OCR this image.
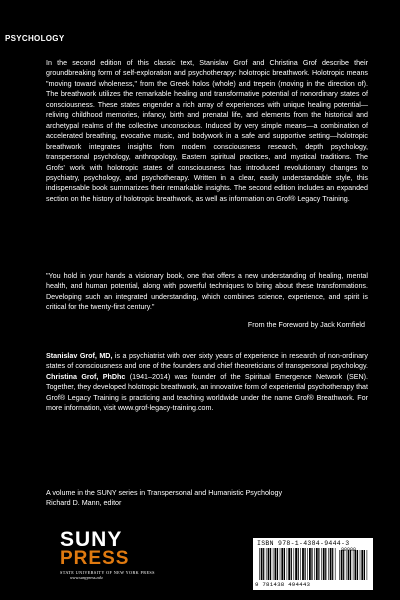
PSYCHOLOGY
In the second edition of this classic text, Stanislav Grof and Christina Grof describe their groundbreaking form of self-exploration and psychotherapy: holotropic breathwork. Holotropic means "moving toward wholeness," from the Greek holos (whole) and trepein (moving in the direction of). The breathwork utilizes the remarkable healing and transformative potential of nonordinary states of consciousness. These states engender a rich array of experiences with unique healing potential—reliving childhood memories, infancy, birth and prenatal life, and elements from the historical and archetypal realms of the collective unconscious. Induced by very simple means—a combination of accelerated breathing, evocative music, and bodywork in a safe and supportive setting—holotropic breathwork integrates insights from modern consciousness research, depth psychology, transpersonal psychology, anthropology, Eastern spiritual practices, and mystical traditions. The Grofs' work with holotropic states of consciousness has introduced revolutionary changes to psychiatry, psychology, and psychotherapy. Written in a clear, easily understandable style, this indispensable book summarizes their remarkable insights. The second edition includes an expanded section on the history of holotropic breathwork, as well as information on Grof® Legacy Training.
"You hold in your hands a visionary book, one that offers a new understanding of healing, mental health, and human potential, along with powerful techniques to bring about these transformations. Developing such an integrated understanding, which combines science, experience, and spirit is critical for the twenty-first century."
From the Foreword by Jack Kornfield
Stanislav Grof, MD, is a psychiatrist with over sixty years of experience in research of non-ordinary states of consciousness and one of the founders and chief theoreticians of transpersonal psychology. Christina Grof, PhDhc (1941–2014) was founder of the Spiritual Emergence Network (SEN). Together, they developed holotropic breathwork, an innovative form of experiential psychotherapy that Grof® Legacy Training is practicing and teaching worldwide under the name Grof® Breathwork. For more information, visit www.grof-legacy-training.com.
A volume in the SUNY series in Transpersonal and Humanistic Psychology
Richard D. Mann, editor
SUNY
PRESS
STATE UNIVERSITY OF NEW YORK PRESS
www.sunypress.edu
ISBN 978-1-4384-9444-3
9 781438 494443
